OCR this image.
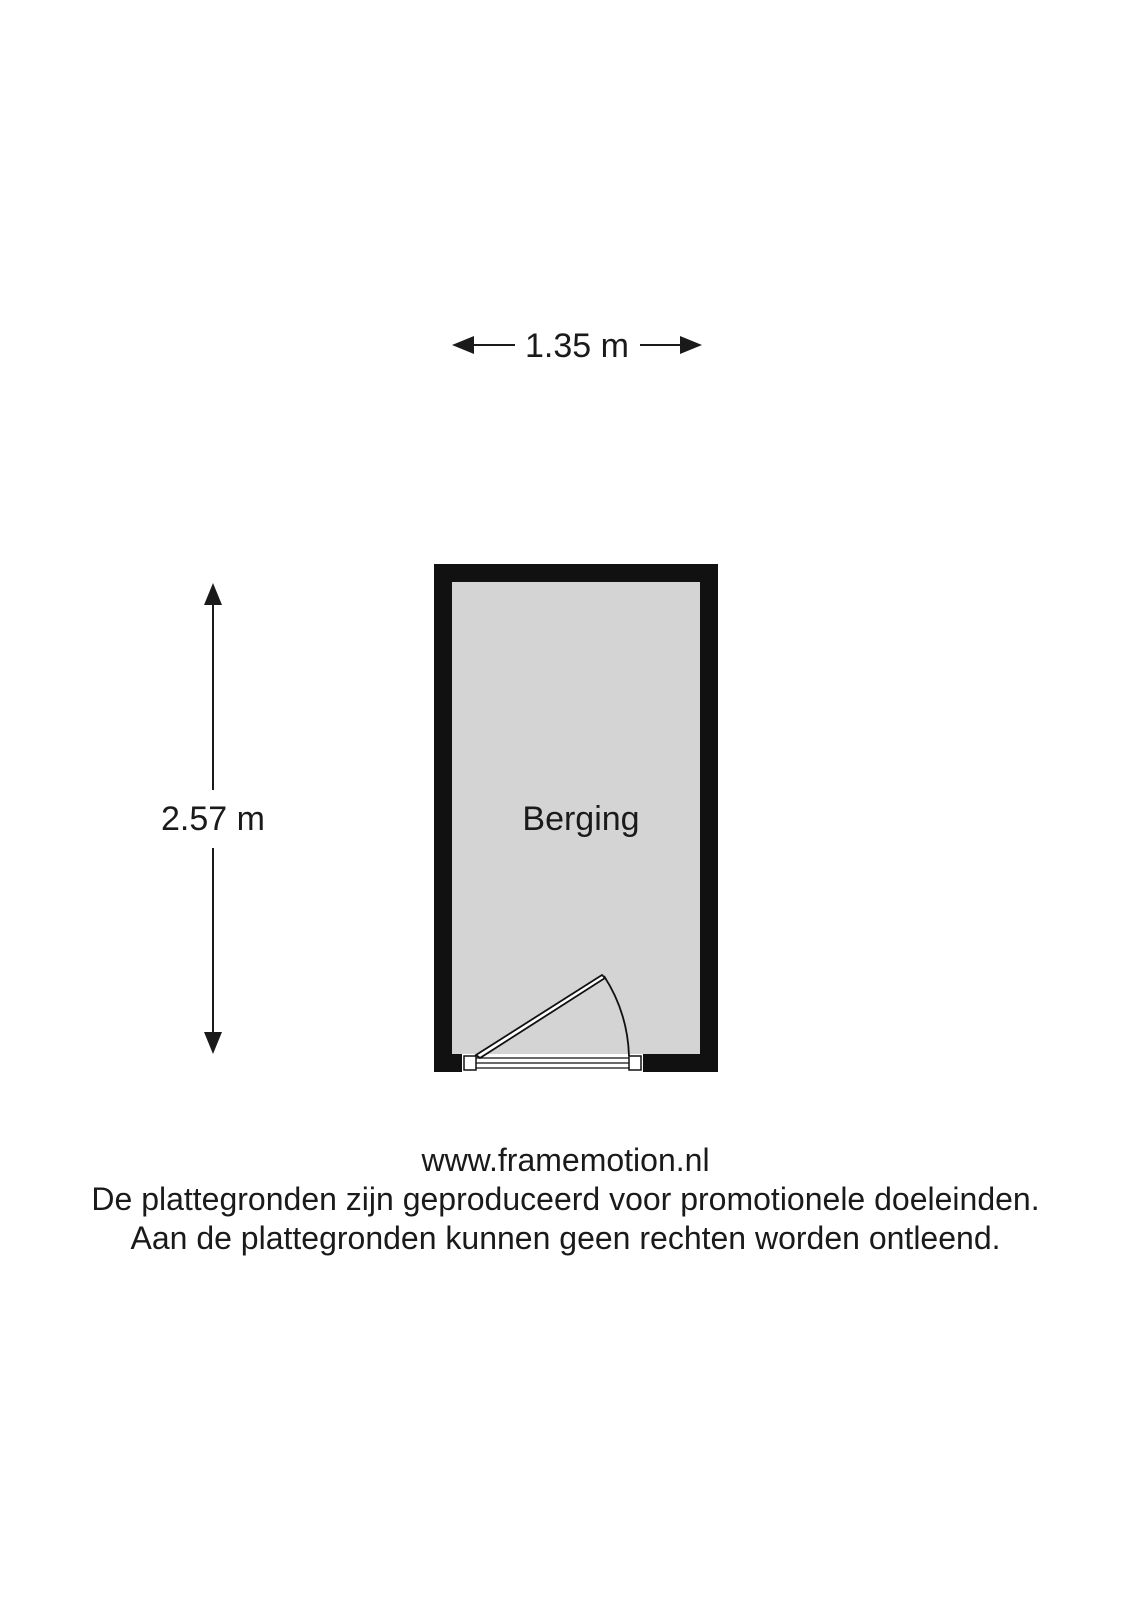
1.35 m
2.57 m	Berging
www.framemotion.nl
De plattegronden zijn geproduceerd voor promotionele doeleinden.
Aan de plattegronden kunnen geen rechten worden ontleend.
